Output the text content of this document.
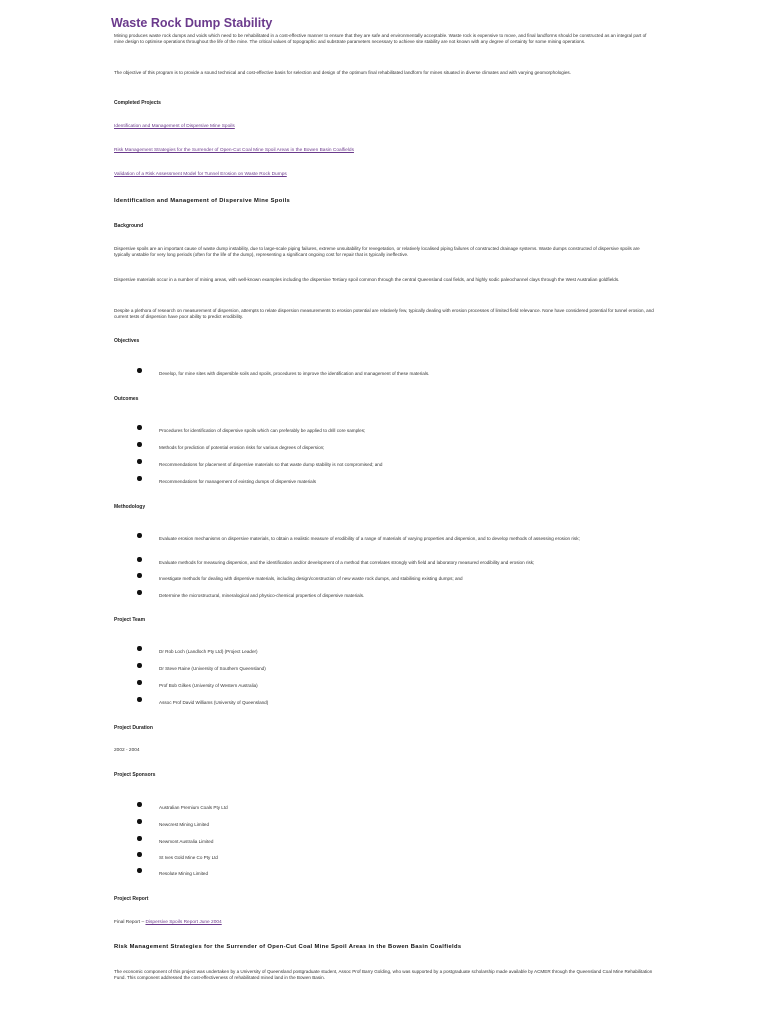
Waste Rock Dump Stability

Mining produces waste rock dumps and voids which need to be rehabilitated in a cost-effective manner to ensure that they are safe and environmentally acceptable. Waste rock is expensive to move, and final landforms should be constructed as an integral part of mine design to optimise operations throughout the life of the mine. The critical values of topographic and substrate parameters necessary to achieve site stability are not known with any degree of certainty for some mining operations.

The objective of this program is to provide a sound technical and cost-effective basis for selection and design of the optimum final rehabilitated landform for mines situated in diverse climates and with varying geomorphologies.

Completed Projects
Identification and Management of Dispersive Mine Spoils
Risk Management Strategies for the Surrender of Open-Cut Coal Mine Spoil Areas in the Bowen Basin Coalfields
Validation of a Risk Assessment Model for Tunnel Erosion on Waste Rock Dumps
Identification and Management of Dispersive Mine Spoils
Background

Dispersive spoils are an important cause of waste dump instability, due to large-scale piping failures, extreme unsuitability for revegetation, or relatively localised piping failures of constructed drainage systems. Waste dumps constructed of dispersive spoils are typically unstable for very long periods (often for the life of the dump), representing a significant ongoing cost for repair that is typically ineffective.

Dispersive materials occur in a number of mining areas, with well-known examples including the dispersive Tertiary spoil common through the central Queensland coal fields, and highly sodic paleochannel clays through the West Australian goldfields.

Despite a plethora of research on measurement of dispersion, attempts to relate dispersion measurements to erosion potential are relatively few, typically dealing with erosion processes of limited field relevance. None have considered potential for tunnel erosion, and current tests of dispersion have poor ability to predict erodibility.

Objectives
Develop, for mine sites with dispersible soils and spoils, procedures to improve the identification and management of these materials.
Outcomes
Procedures for identification of dispersive spoils which can preferably be applied to drill core samples;
Methods for prediction of potential erosion risks for various degrees of dispersion;
Recommendations for placement of dispersive materials so that waste dump stability is not compromised; and
Recommendations for management of existing dumps of dispersive materials
Methodology
Evaluate erosion mechanisms on dispersive materials, to obtain a realistic measure of erodibility of a range of materials of varying properties and dispersion, and to develop methods of assessing erosion risk;
Evaluate methods for measuring dispersion, and the identification and/or development of a method that correlates strongly with field and laboratory measured erodibility and erosion risk;
Investigate methods for dealing with dispersive materials, including design/construction of new waste rock dumps, and stabilising existing dumps; and
Determine the microstructural, mineralogical and physico-chemical properties of dispersive materials.
Project Team
Dr Rob Loch (Landloch Pty Ltd) (Project Leader)
Dr Steve Raine (University of Southern Queensland)
Prof Bob Gilkes (University of Western Australia)
Assoc Prof David Williams (University of Queensland)
Project Duration
2002 - 2004
Project Sponsors
Australian Premium Coals Pty Ltd
Newcrest Mining Limited
Newmont Australia Limited
St Ives Gold Mine Co Pty Ltd
Resolute Mining Limited
Project Report
Final Report – Dispersive Spoils Report June 2004
Risk Management Strategies for the Surrender of Open-Cut Coal Mine Spoil Areas in the Bowen Basin Coalfields

The economic component of this project was undertaken by a University of Queensland postgraduate student, Assoc Prof Barry Golding, who was supported by a postgraduate scholarship made available by ACMER through the Queensland Coal Mine Rehabilitation Fund. This component addressed the cost-effectiveness of rehabilitated mined land in the Bowen Basin.
